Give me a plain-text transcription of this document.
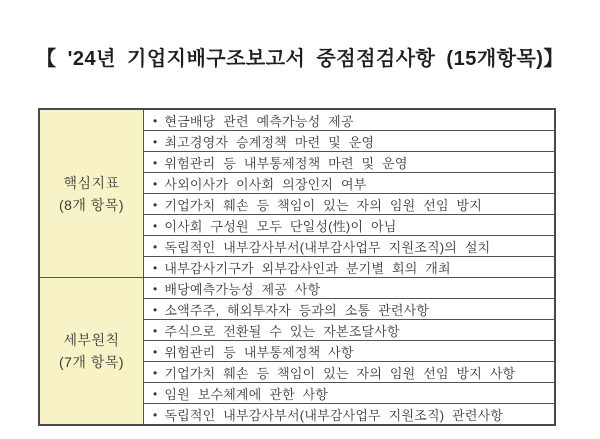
【 '24년 기업지배구조보고서 중점점검사항 (15개항목)】
핵심지표
(8개 항목)	• 현금배당 관련 예측가능성 제공
	• 최고경영자 승계정책 마련 및 운영
	• 위험관리 등 내부통제정책 마련 및 운영
	• 사외이사가 이사회 의장인지 여부
	• 기업가치 훼손 등 책임이 있는 자의 임원 선임 방지
	• 이사회 구성원 모두 단일성(性)이 아님
	• 독립적인 내부감사부서(내부감사업무 지원조직)의 설치
	• 내부감사기구가 외부감사인과 분기별 회의 개최

세부원칙
(7개 항목)	• 배당예측가능성 제공 사항
	• 소액주주, 해외투자자 등과의 소통 관련사항
	• 주식으로 전환될 수 있는 자본조달사항
	• 위험관리 등 내부통제정책 사항
	• 기업가치 훼손 등 책임이 있는 자의 임원 선임 방지 사항
	• 임원 보수체계에 관한 사항
	• 독립적인 내부감사부서(내부감사업무 지원조직) 관련사항
